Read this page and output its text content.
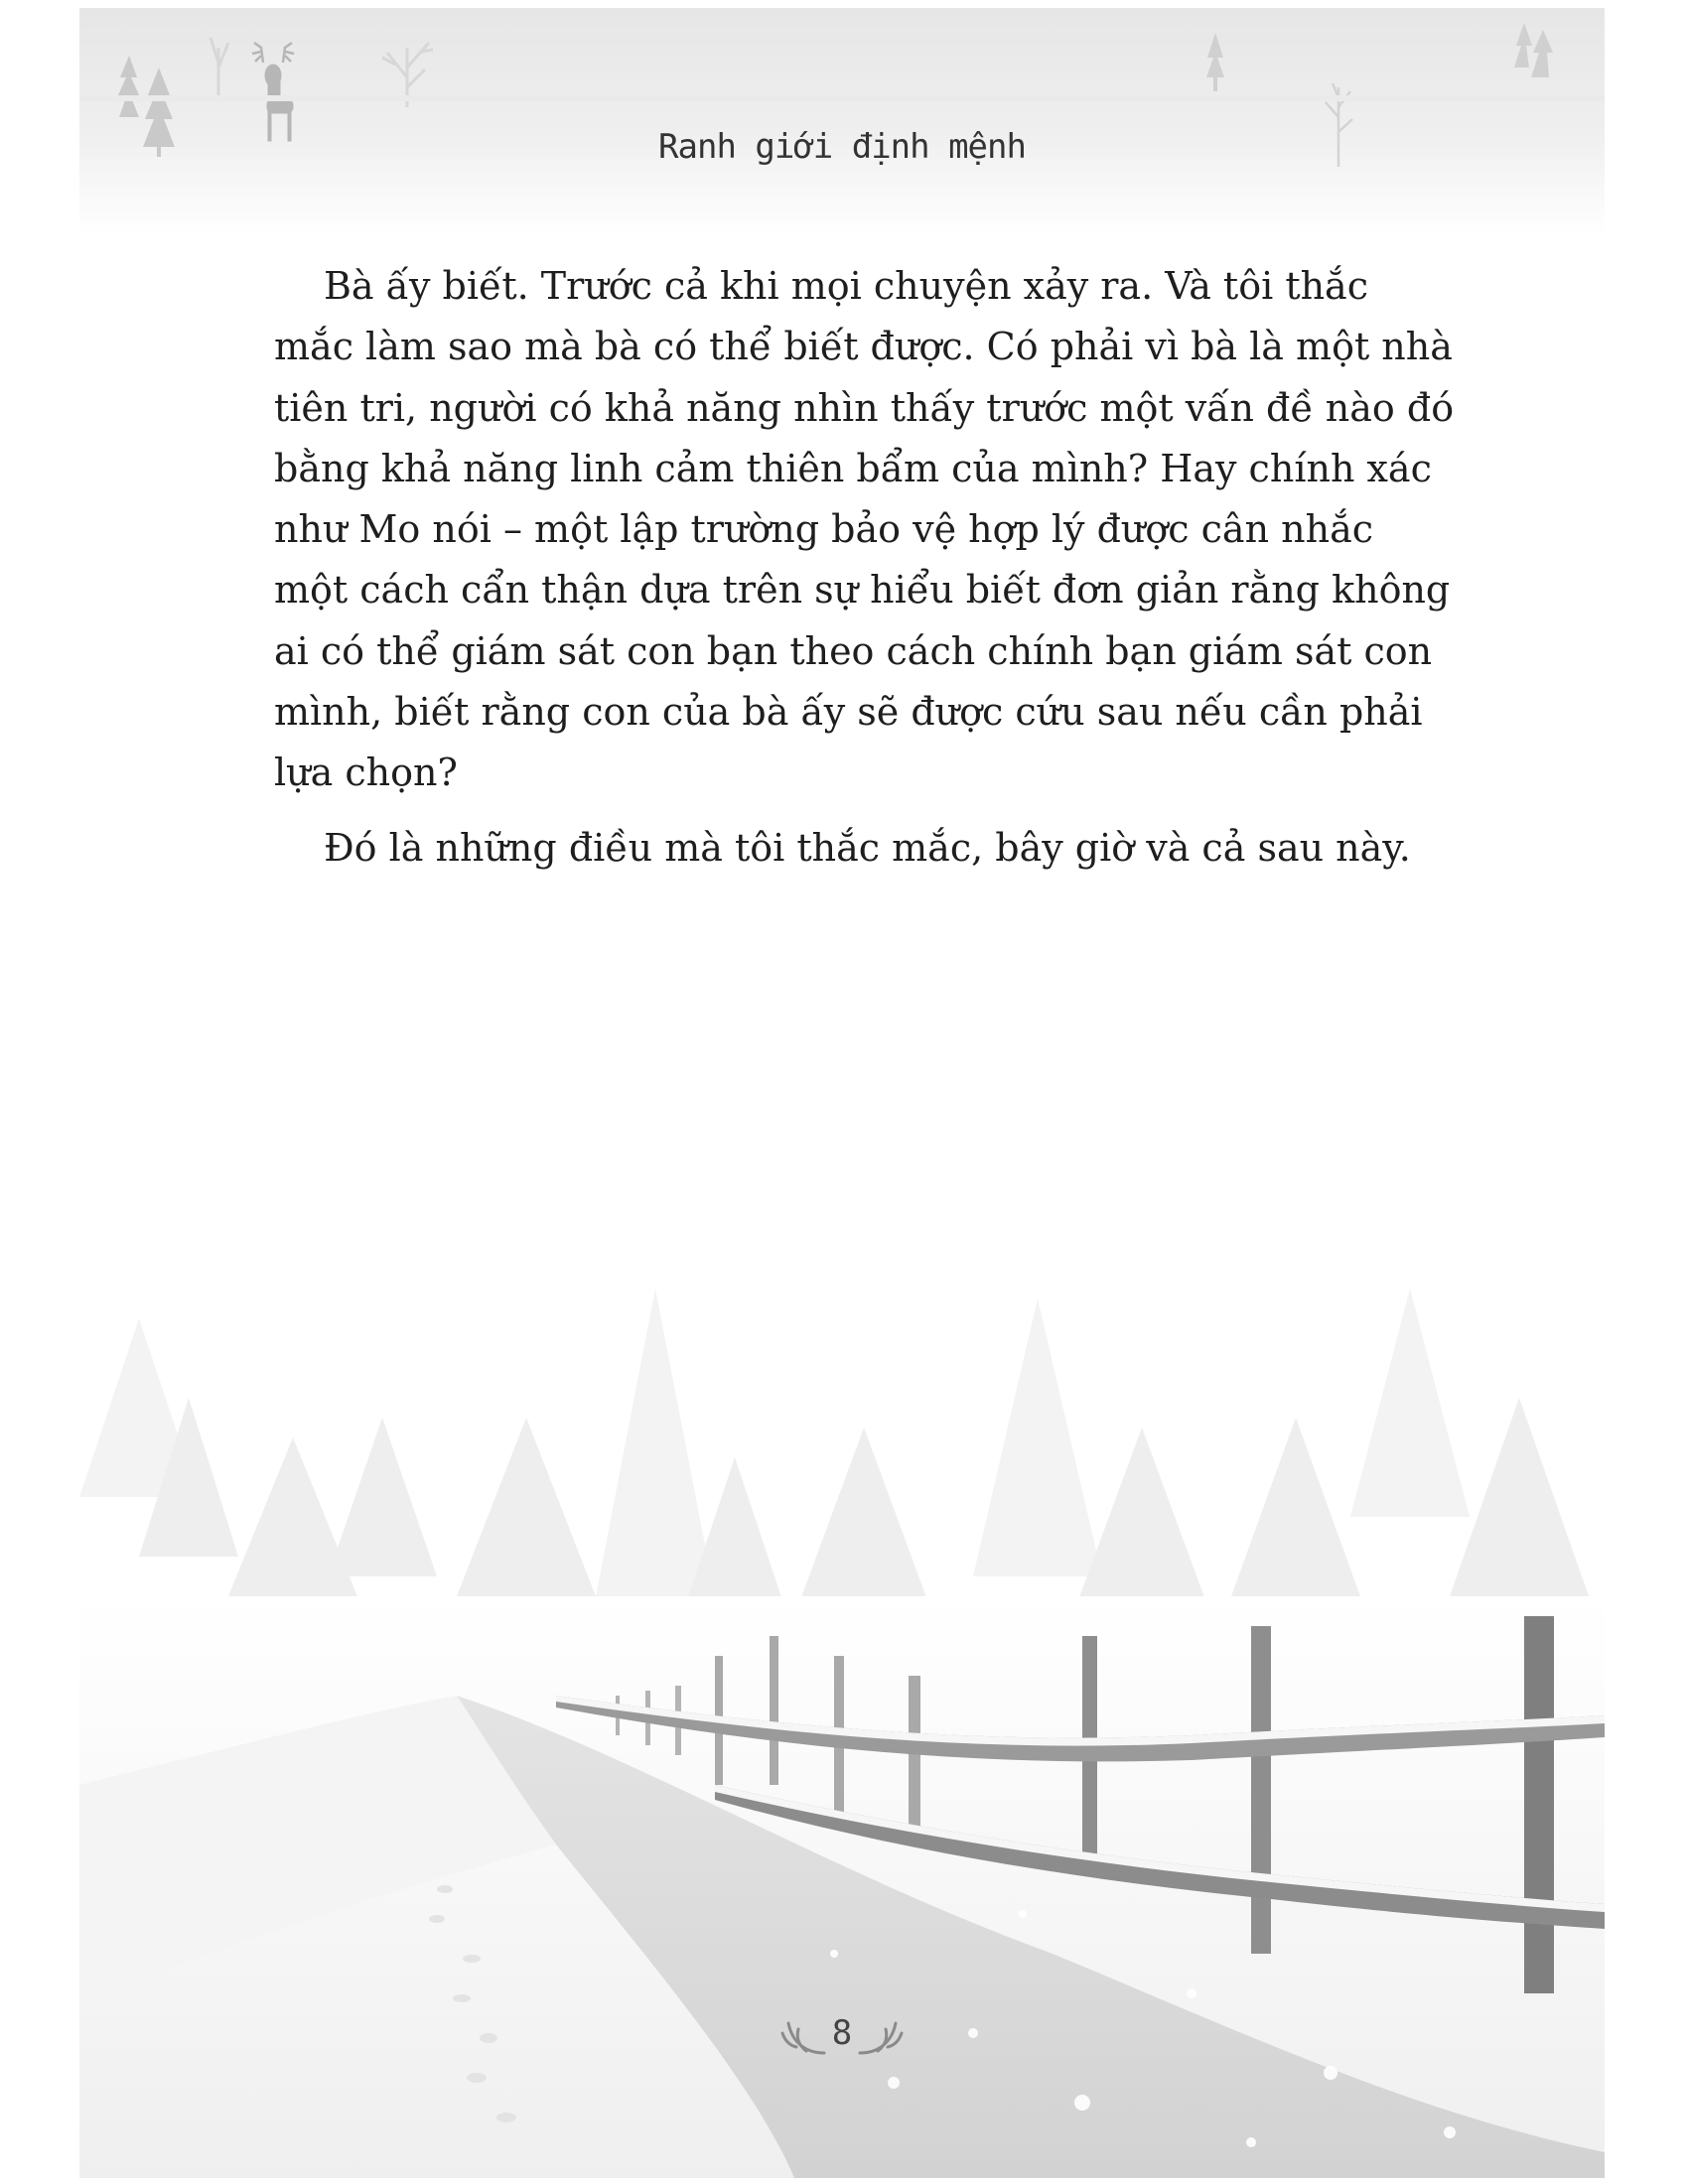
Ranh giới định mệnh

Bà ấy biết. Trước cả khi mọi chuyện xảy ra. Và tôi thắc mắc làm sao mà bà có thể biết được. Có phải vì bà là một nhà tiên tri, người có khả năng nhìn thấy trước một vấn đề nào đó bằng khả năng linh cảm thiên bẩm của mình? Hay chính xác như Mo nói – một lập trường bảo vệ hợp lý được cân nhắc một cách cẩn thận dựa trên sự hiểu biết đơn giản rằng không ai có thể giám sát con bạn theo cách chính bạn giám sát con mình, biết rằng con của bà ấy sẽ được cứu sau nếu cần phải lựa chọn?

Đó là những điều mà tôi thắc mắc, bây giờ và cả sau này.

8
